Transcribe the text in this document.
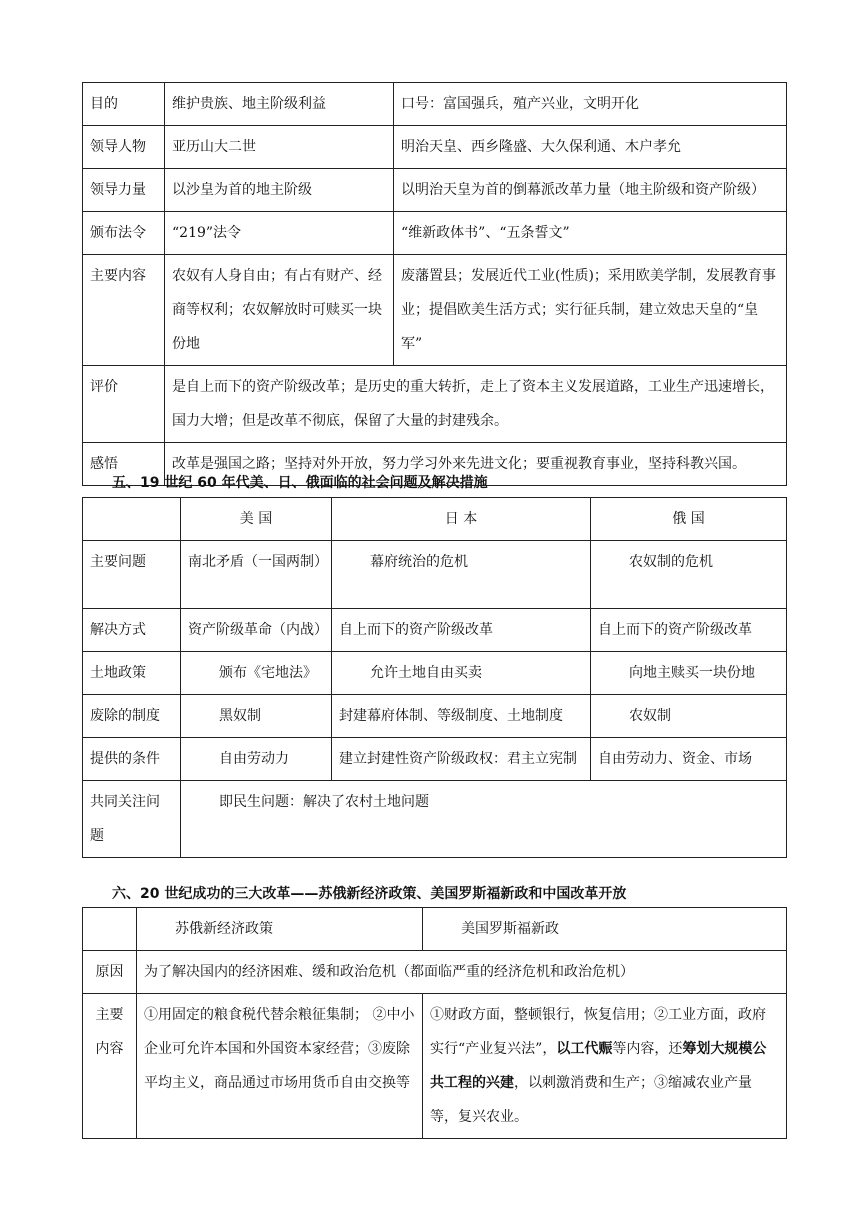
目的	维护贵族、地主阶级利益	口号：富国强兵，殖产兴业，文明开化
领导人物	亚历山大二世	明治天皇、西乡隆盛、大久保利通、木户孝允
领导力量	以沙皇为首的地主阶级	以明治天皇为首的倒幕派改革力量（地主阶级和资产阶级）
颁布法令	“219”法令	“维新政体书”、“五条誓文”
主要内容	农奴有人身自由；有占有财产、经商等权利；农奴解放时可赎买一块份地	废藩置县；发展近代工业(性质)；采用欧美学制，发展教育事业；提倡欧美生活方式；实行征兵制，建立效忠天皇的“皇军”
评价	是自上而下的资产阶级改革；是历史的重大转折，走上了资本主义发展道路，工业生产迅速增长，国力大增；但是改革不彻底，保留了大量的封建残余。	
感悟	改革是强国之路；坚持对外开放，努力学习外来先进文化；要重视教育事业，坚持科教兴国。	
五、19 世纪 60 年代美、日、俄面临的社会问题及解决措施
	美 国	日 本	俄 国
主要问题	南北矛盾（一国两制）	幕府统治的危机	农奴制的危机
解决方式	资产阶级革命（内战）	自上而下的资产阶级改革	自上而下的资产阶级改革
土地政策	颁布《宅地法》	允许土地自由买卖	向地主赎买一块份地
废除的制度	黑奴制	封建幕府体制、等级制度、土地制度	农奴制
提供的条件	自由劳动力	建立封建性资产阶级政权：君主立宪制	自由劳动力、资金、市场
共同关注问题	即民生问题：解决了农村土地问题		
六、20 世纪成功的三大改革——苏俄新经济政策、美国罗斯福新政和中国改革开放
	苏俄新经济政策	美国罗斯福新政
原因	为了解决国内的经济困难、缓和政治危机（都面临严重的经济危机和政治危机）	
主要内容	①用固定的粮食税代替余粮征集制； ②中小企业可允许本国和外国资本家经营；③废除平均主义，商品通过市场用货币自由交换等	①财政方面，整顿银行，恢复信用；②工业方面，政府实行“产业复兴法”，以工代赈等内容，还筹划大规模公共工程的兴建，以刺激消费和生产；③缩减农业产量等，复兴农业。
